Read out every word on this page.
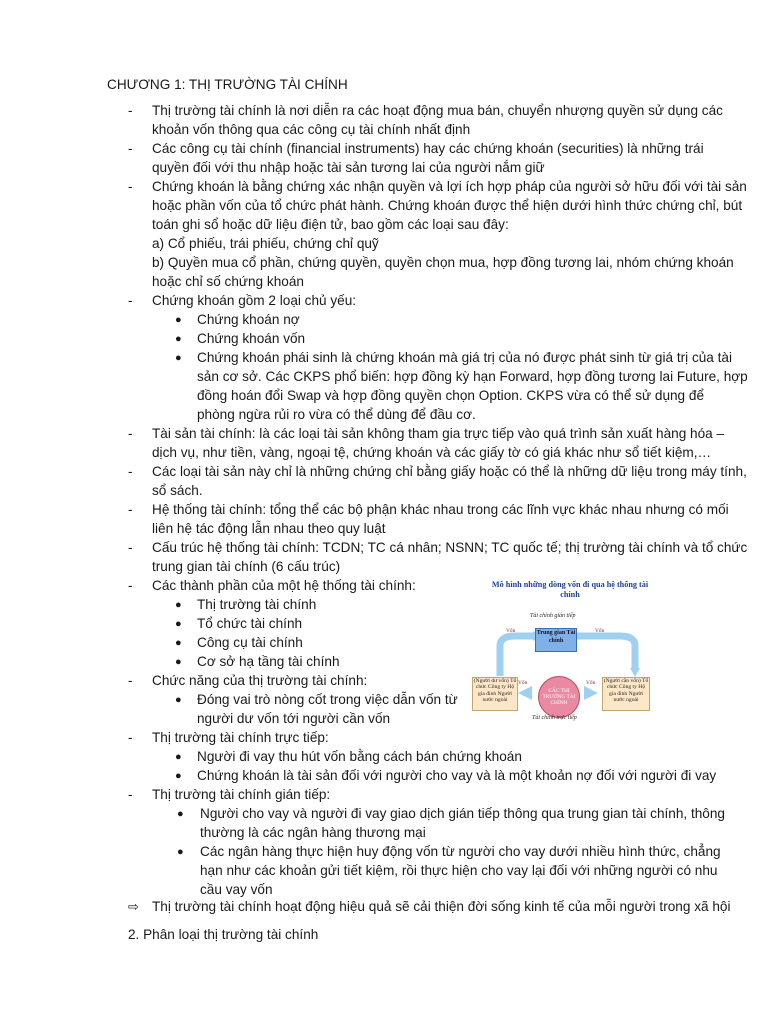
CHƯƠNG 1: THỊ TRƯỜNG TÀI CHÍNH
- Thị trường tài chính là nơi diễn ra các hoạt động mua bán, chuyển nhượng quyền sử dụng các
khoản vốn thông qua các công cụ tài chính nhất định
- Các công cụ tài chính (financial instruments) hay các chứng khoán (securities) là những trái
quyền đối với thu nhập hoặc tài sản tương lai của người nắm giữ
- Chứng khoán là bằng chứng xác nhận quyền và lợi ích hợp pháp của người sở hữu đối với tài sản
hoặc phần vốn của tổ chức phát hành. Chứng khoán được thể hiện dưới hình thức chứng chỉ, bút
toán ghi sổ hoặc dữ liệu điện tử, bao gồm các loại sau đây:
a) Cổ phiếu, trái phiếu, chứng chỉ quỹ
b) Quyền mua cổ phần, chứng quyền, quyền chọn mua, hợp đồng tương lai, nhóm chứng khoán
hoặc chỉ số chứng khoán
- Chứng khoán gồm 2 loại chủ yếu:
● Chứng khoán nợ
● Chứng khoán vốn
● Chứng khoán phái sinh là chứng khoán mà giá trị của nó được phát sinh từ giá trị của tài
sản cơ sở. Các CKPS phổ biến: hợp đồng kỳ hạn Forward, hợp đồng tương lai Future, hợp
đồng hoán đổi Swap và hợp đồng quyền chọn Option. CKPS vừa có thể sử dụng để
phòng ngừa rủi ro vừa có thể dùng để đầu cơ.
- Tài sản tài chính: là các loại tài sản không tham gia trực tiếp vào quá trình sản xuất hàng hóa –
dịch vụ, như tiền, vàng, ngoại tệ, chứng khoán và các giấy tờ có giá khác như sổ tiết kiệm,…
- Các loại tài sản này chỉ là những chứng chỉ bằng giấy hoặc có thể là những dữ liệu trong máy tính,
sổ sách.
- Hệ thống tài chính: tổng thể các bộ phận khác nhau trong các lĩnh vực khác nhau nhưng có mối
liên hệ tác động lẫn nhau theo quy luật
- Cấu trúc hệ thống tài chính: TCDN; TC cá nhân; NSNN; TC quốc tế; thị trường tài chính và tổ chức
trung gian tài chính (6 cấu trúc)
- Các thành phần của một hệ thống tài chính:
● Thị trường tài chính
● Tổ chức tài chính
● Công cụ tài chính
● Cơ sở hạ tầng tài chính
- Chức năng của thị trường tài chính:
● Đóng vai trò nòng cốt trong việc dẫn vốn từ
người dư vốn tới người cần vốn
- Thị trường tài chính trực tiếp:
● Người đi vay thu hút vốn bằng cách bán chứng khoán
● Chứng khoán là tài sản đối với người cho vay và là một khoản nợ đối với người đi vay
- Thị trường tài chính gián tiếp:
● Người cho vay và người đi vay giao dịch gián tiếp thông qua trung gian tài chính, thông
thường là các ngân hàng thương mại
● Các ngân hàng thực hiện huy động vốn từ người cho vay dưới nhiều hình thức, chẳng
hạn như các khoản gửi tiết kiệm, rồi thực hiện cho vay lại đối với những người có nhu
cầu vay vốn
⇨ Thị trường tài chính hoạt động hiệu quả sẽ cải thiện đời sống kinh tế của mỗi người trong xã hội
2. Phân loại thị trường tài chính
Mô hình những dòng vốn đi qua hệ thống tài
chính
Tài chính gián tiếp
Vốn	Vốn
Trung gian Tài chính
(Người dư vốn) Tổ chức Công ty Hộ gia đình Người nước ngoài
CÁC THỊ TRƯỜNG TÀI CHÍNH
Vốn	Vốn	(Người cần vốn) Tổ chức Công ty Hộ gia đình Người nước ngoài
Tài chính trực tiếp
